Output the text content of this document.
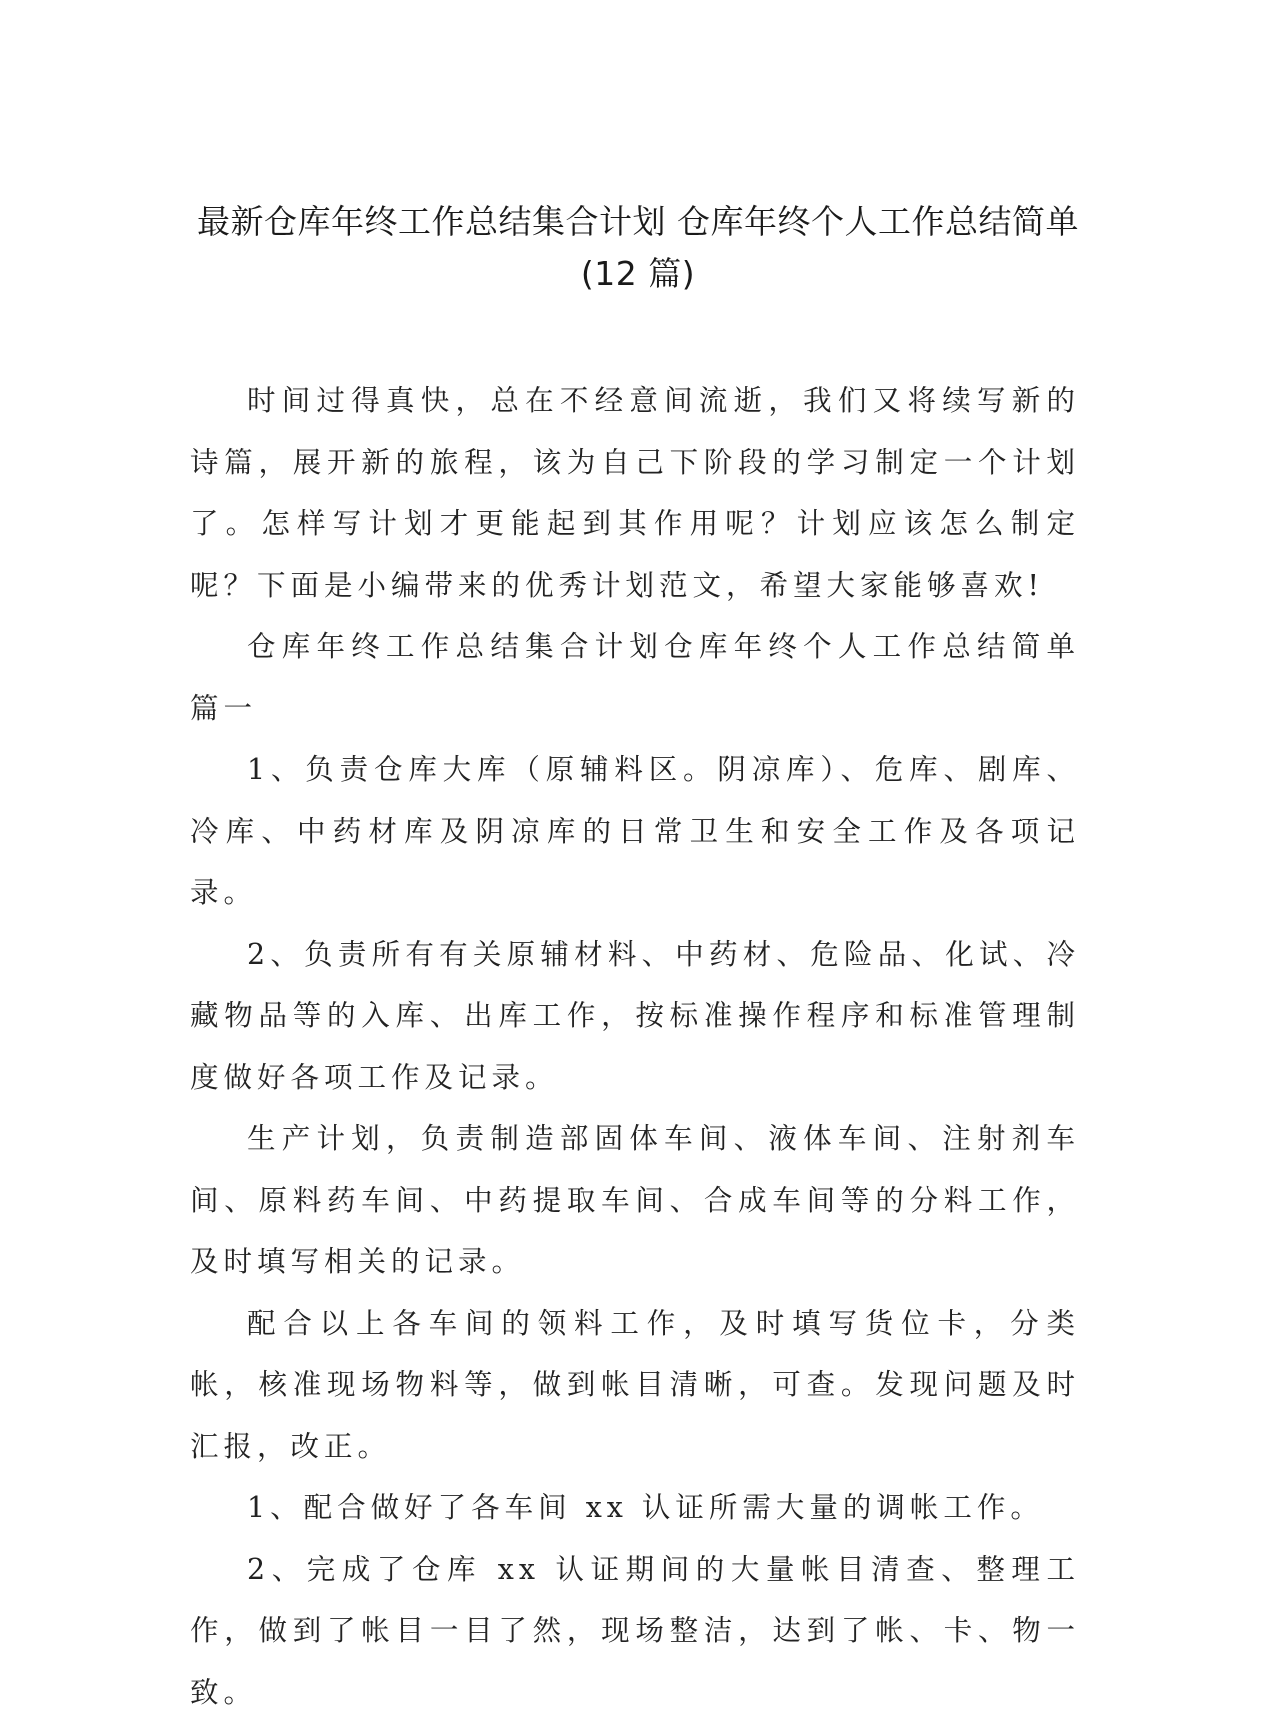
最新仓库年终工作总结集合计划 仓库年终个人工作总结简单
(12 篇)

时间过得真快，总在不经意间流逝，我们又将续写新的诗篇，展开新的旅程，该为自己下阶段的学习制定一个计划了。怎样写计划才更能起到其作用呢？计划应该怎么制定呢？下面是小编带来的优秀计划范文，希望大家能够喜欢!

仓库年终工作总结集合计划仓库年终个人工作总结简单篇一

1、负责仓库大库（原辅料区。阴凉库）、危库、剧库、冷库、中药材库及阴凉库的日常卫生和安全工作及各项记录。

2、负责所有有关原辅材料、中药材、危险品、化试、冷藏物品等的入库、出库工作，按标准操作程序和标准管理制度做好各项工作及记录。

生产计划，负责制造部固体车间、液体车间、注射剂车间、原料药车间、中药提取车间、合成车间等的分料工作，及时填写相关的记录。

配合以上各车间的领料工作，及时填写货位卡，分类帐，核准现场物料等，做到帐目清晰，可查。发现问题及时汇报，改正。

1、配合做好了各车间 xx 认证所需大量的调帐工作。

2、完成了仓库 xx 认证期间的大量帐目清查、整理工作，做到了帐目一目了然，现场整洁，达到了帐、卡、物一致。
